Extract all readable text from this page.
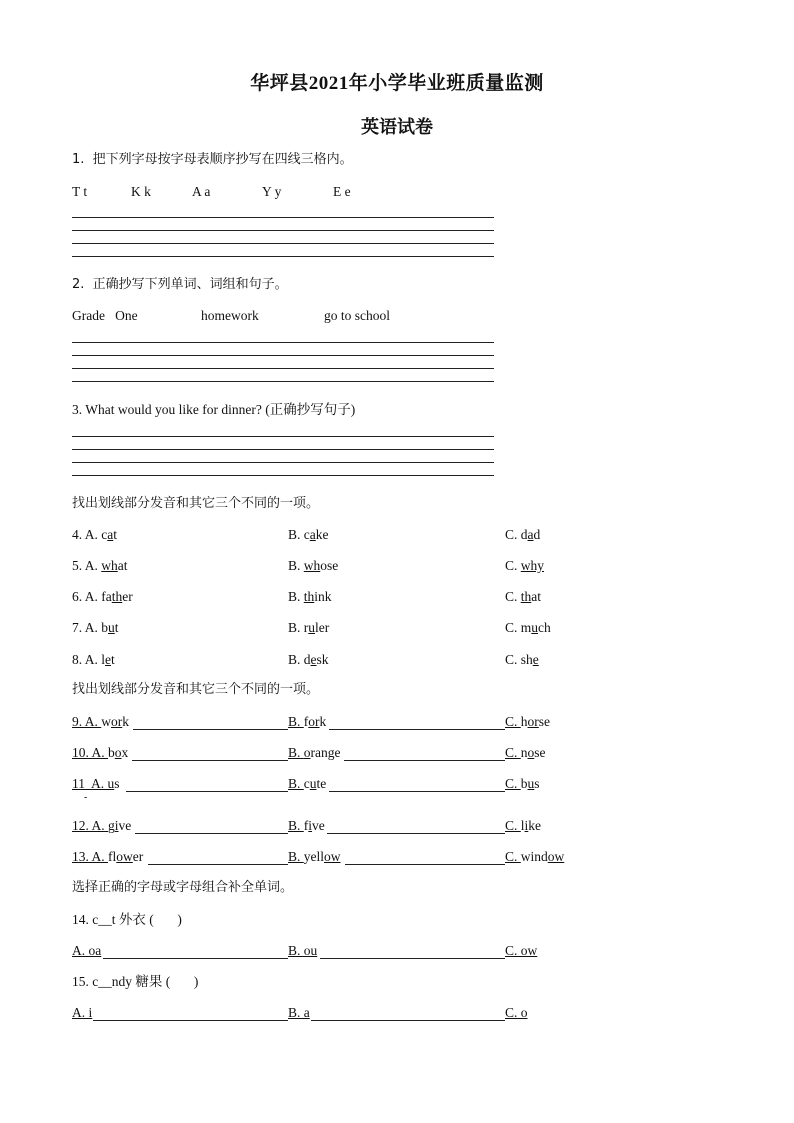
华坪县2021年小学毕业班质量监测
英语试卷
1.  把下列字母按字母表顺序抄写在四线三格内。
T t	K k	A a	Y y	E e
2.  正确抄写下列单词、词组和句子。
Grade   One	homework	go to school
3. What would you like for dinner? (正确抄写句子)
找出划线部分发音和其它三个不同的一项。
4. A. cat	B. cake	C. dad
5. A. what	B. whose	C. why
6. A. father	B. think	C. that
7. A. but	B. ruler	C. much
8. A. let	B. desk	C. she
找出划线部分发音和其它三个不同的一项。
9. A. work	B. fork	C. horse
10. A. box	B. orange	C. nose
11  A. us	B. cute	C. bus
12. A. give	B. five	C. like
13. A. flower	B. yellow	C. window
-
选择正确的字母或字母组合补全单词。
14. c__t 外衣 (       )
A. oa	B. ou	C. ow
15. c__ndy 糖果 (       )
A. i	B. a	C. o
